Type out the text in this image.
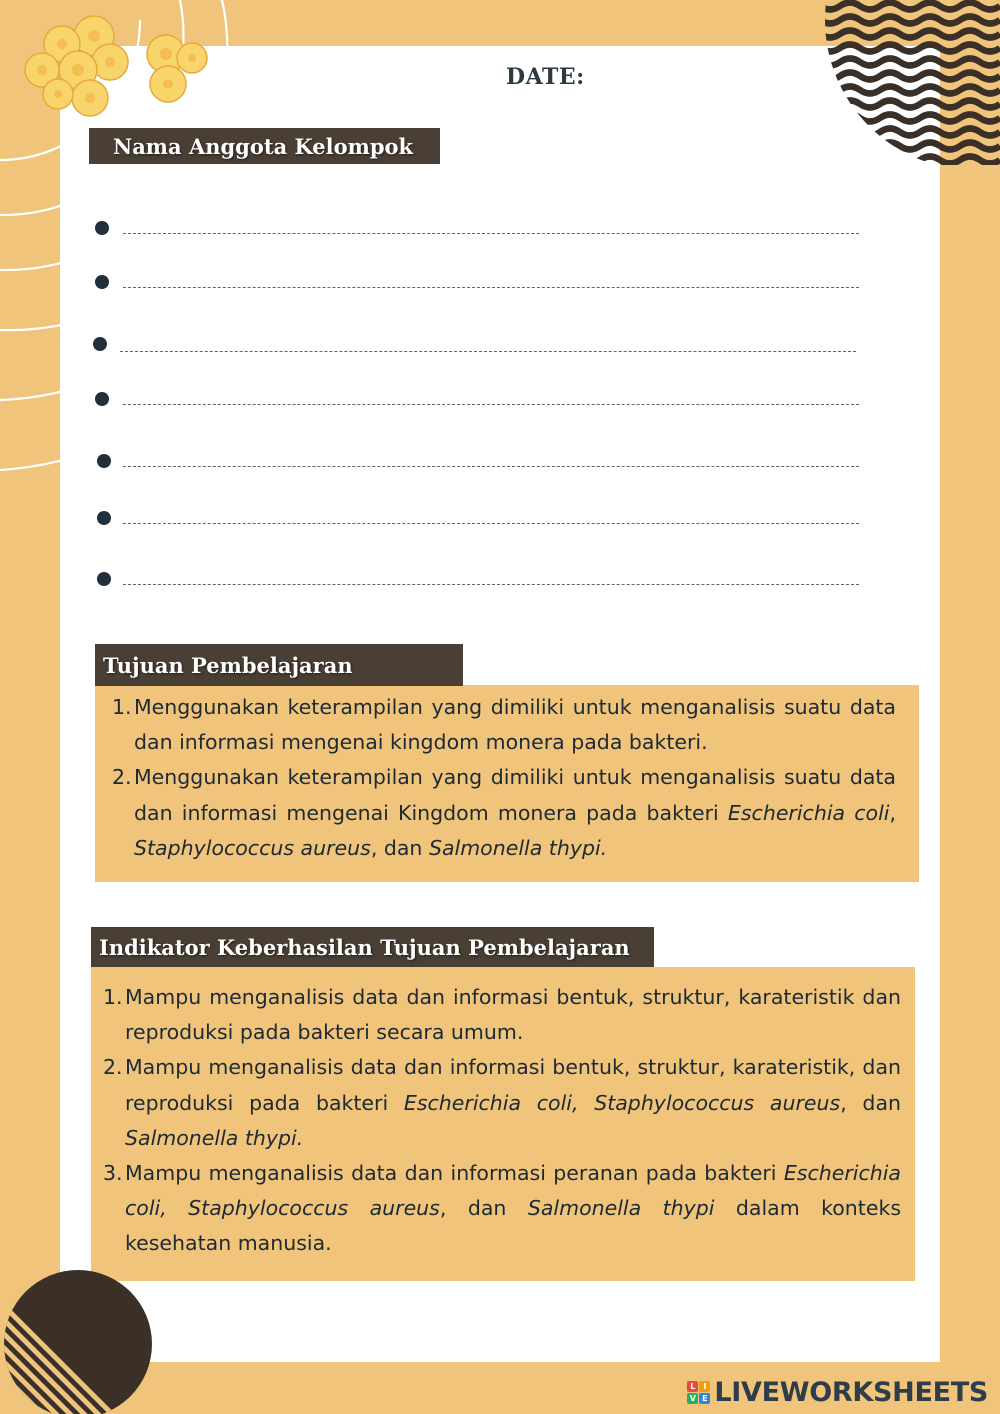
DATE:
Nama Anggota Kelompok
Tujuan Pembelajaran
1. Menggunakan keterampilan yang dimiliki untuk menganalisis suatu data dan informasi mengenai kingdom monera pada bakteri.
2. Menggunakan keterampilan yang dimiliki untuk menganalisis suatu data dan informasi mengenai Kingdom monera pada bakteri Escherichia coli, Staphylococcus aureus, dan Salmonella thypi.
Indikator Keberhasilan Tujuan Pembelajaran
1. Mampu menganalisis data dan informasi bentuk, struktur, karateristik dan reproduksi pada bakteri secara umum.
2. Mampu menganalisis data dan informasi bentuk, struktur, karateristik, dan reproduksi pada bakteri Escherichia coli, Staphylococcus aureus, dan Salmonella thypi.
3. Mampu menganalisis data dan informasi peranan pada bakteri Escherichia coli, Staphylococcus aureus, dan Salmonella thypi dalam konteks kesehatan manusia.
L I
V E LIVEWORKSHEETS
